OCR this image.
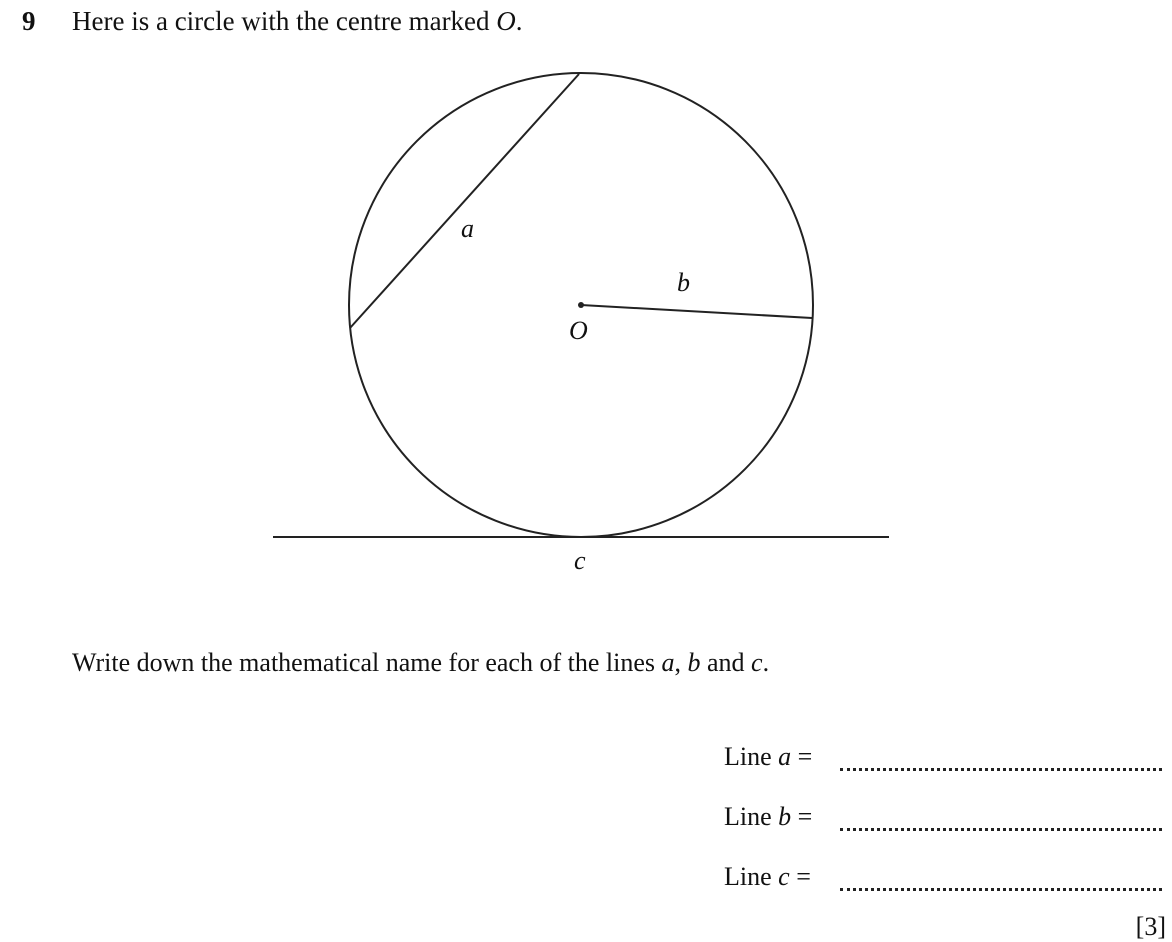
9 Here is a circle with the centre marked O.
a
b
O
c
Write down the mathematical name for each of the lines a, b and c.
Line a =
Line b =
Line c =
[3]
